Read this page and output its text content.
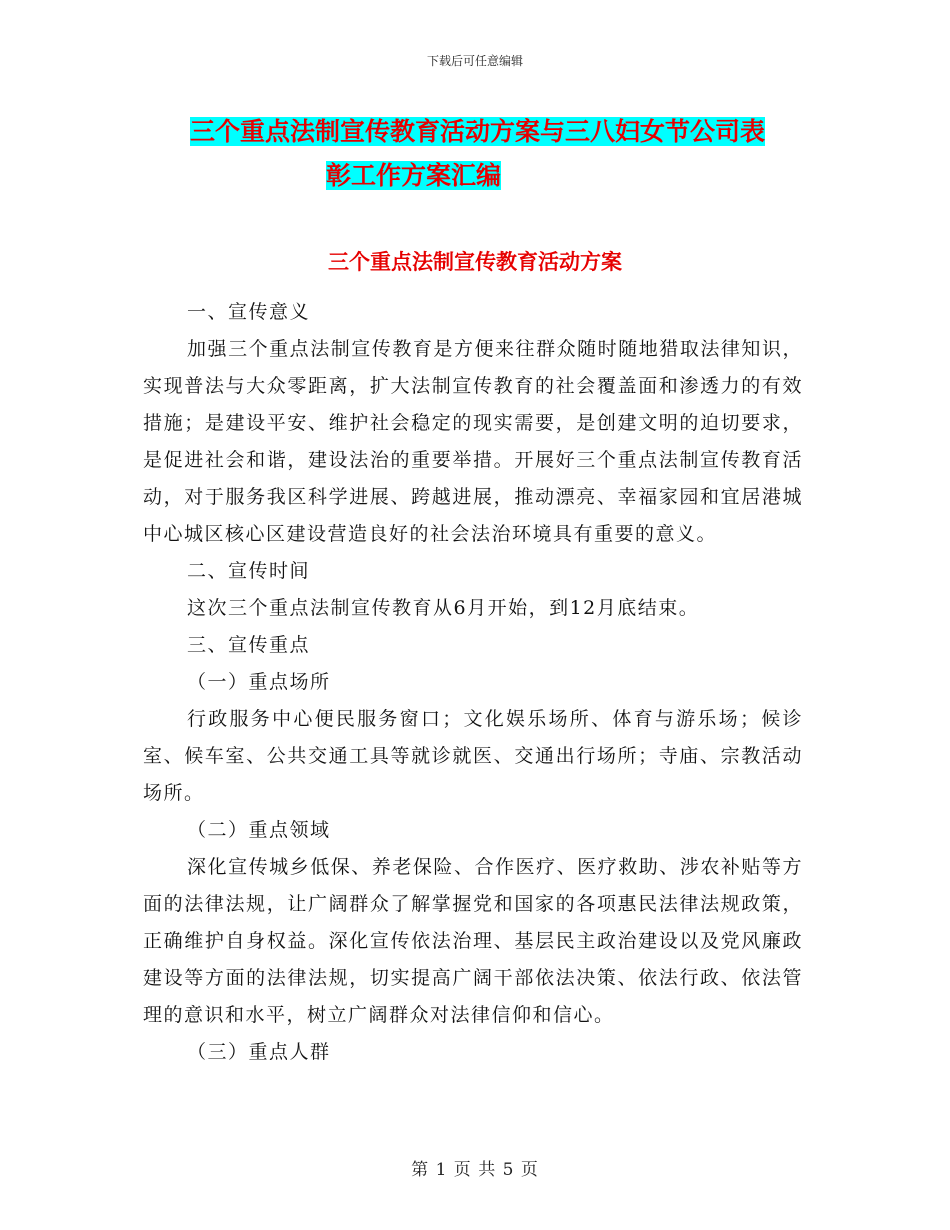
下载后可任意编辑
三个重点法制宣传教育活动方案与三八妇女节公司表
彰工作方案汇编
三个重点法制宣传教育活动方案

一、宣传意义

加强三个重点法制宣传教育是方便来往群众随时随地猎取法律知识，实现普法与大众零距离，扩大法制宣传教育的社会覆盖面和渗透力的有效措施；是建设平安、维护社会稳定的现实需要，是创建文明的迫切要求，是促进社会和谐，建设法治的重要举措。开展好三个重点法制宣传教育活动，对于服务我区科学进展、跨越进展，推动漂亮、幸福家园和宜居港城中心城区核心区建设营造良好的社会法治环境具有重要的意义。

二、宣传时间

这次三个重点法制宣传教育从6月开始，到12月底结束。

三、宣传重点

（一）重点场所

行政服务中心便民服务窗口；文化娱乐场所、体育与游乐场；候诊室、候车室、公共交通工具等就诊就医、交通出行场所；寺庙、宗教活动场所。

（二）重点领域

深化宣传城乡低保、养老保险、合作医疗、医疗救助、涉农补贴等方面的法律法规，让广阔群众了解掌握党和国家的各项惠民法律法规政策，正确维护自身权益。深化宣传依法治理、基层民主政治建设以及党风廉政建设等方面的法律法规，切实提高广阔干部依法决策、依法行政、依法管理的意识和水平，树立广阔群众对法律信仰和信心。

（三）重点人群

第 1 页 共 5 页
